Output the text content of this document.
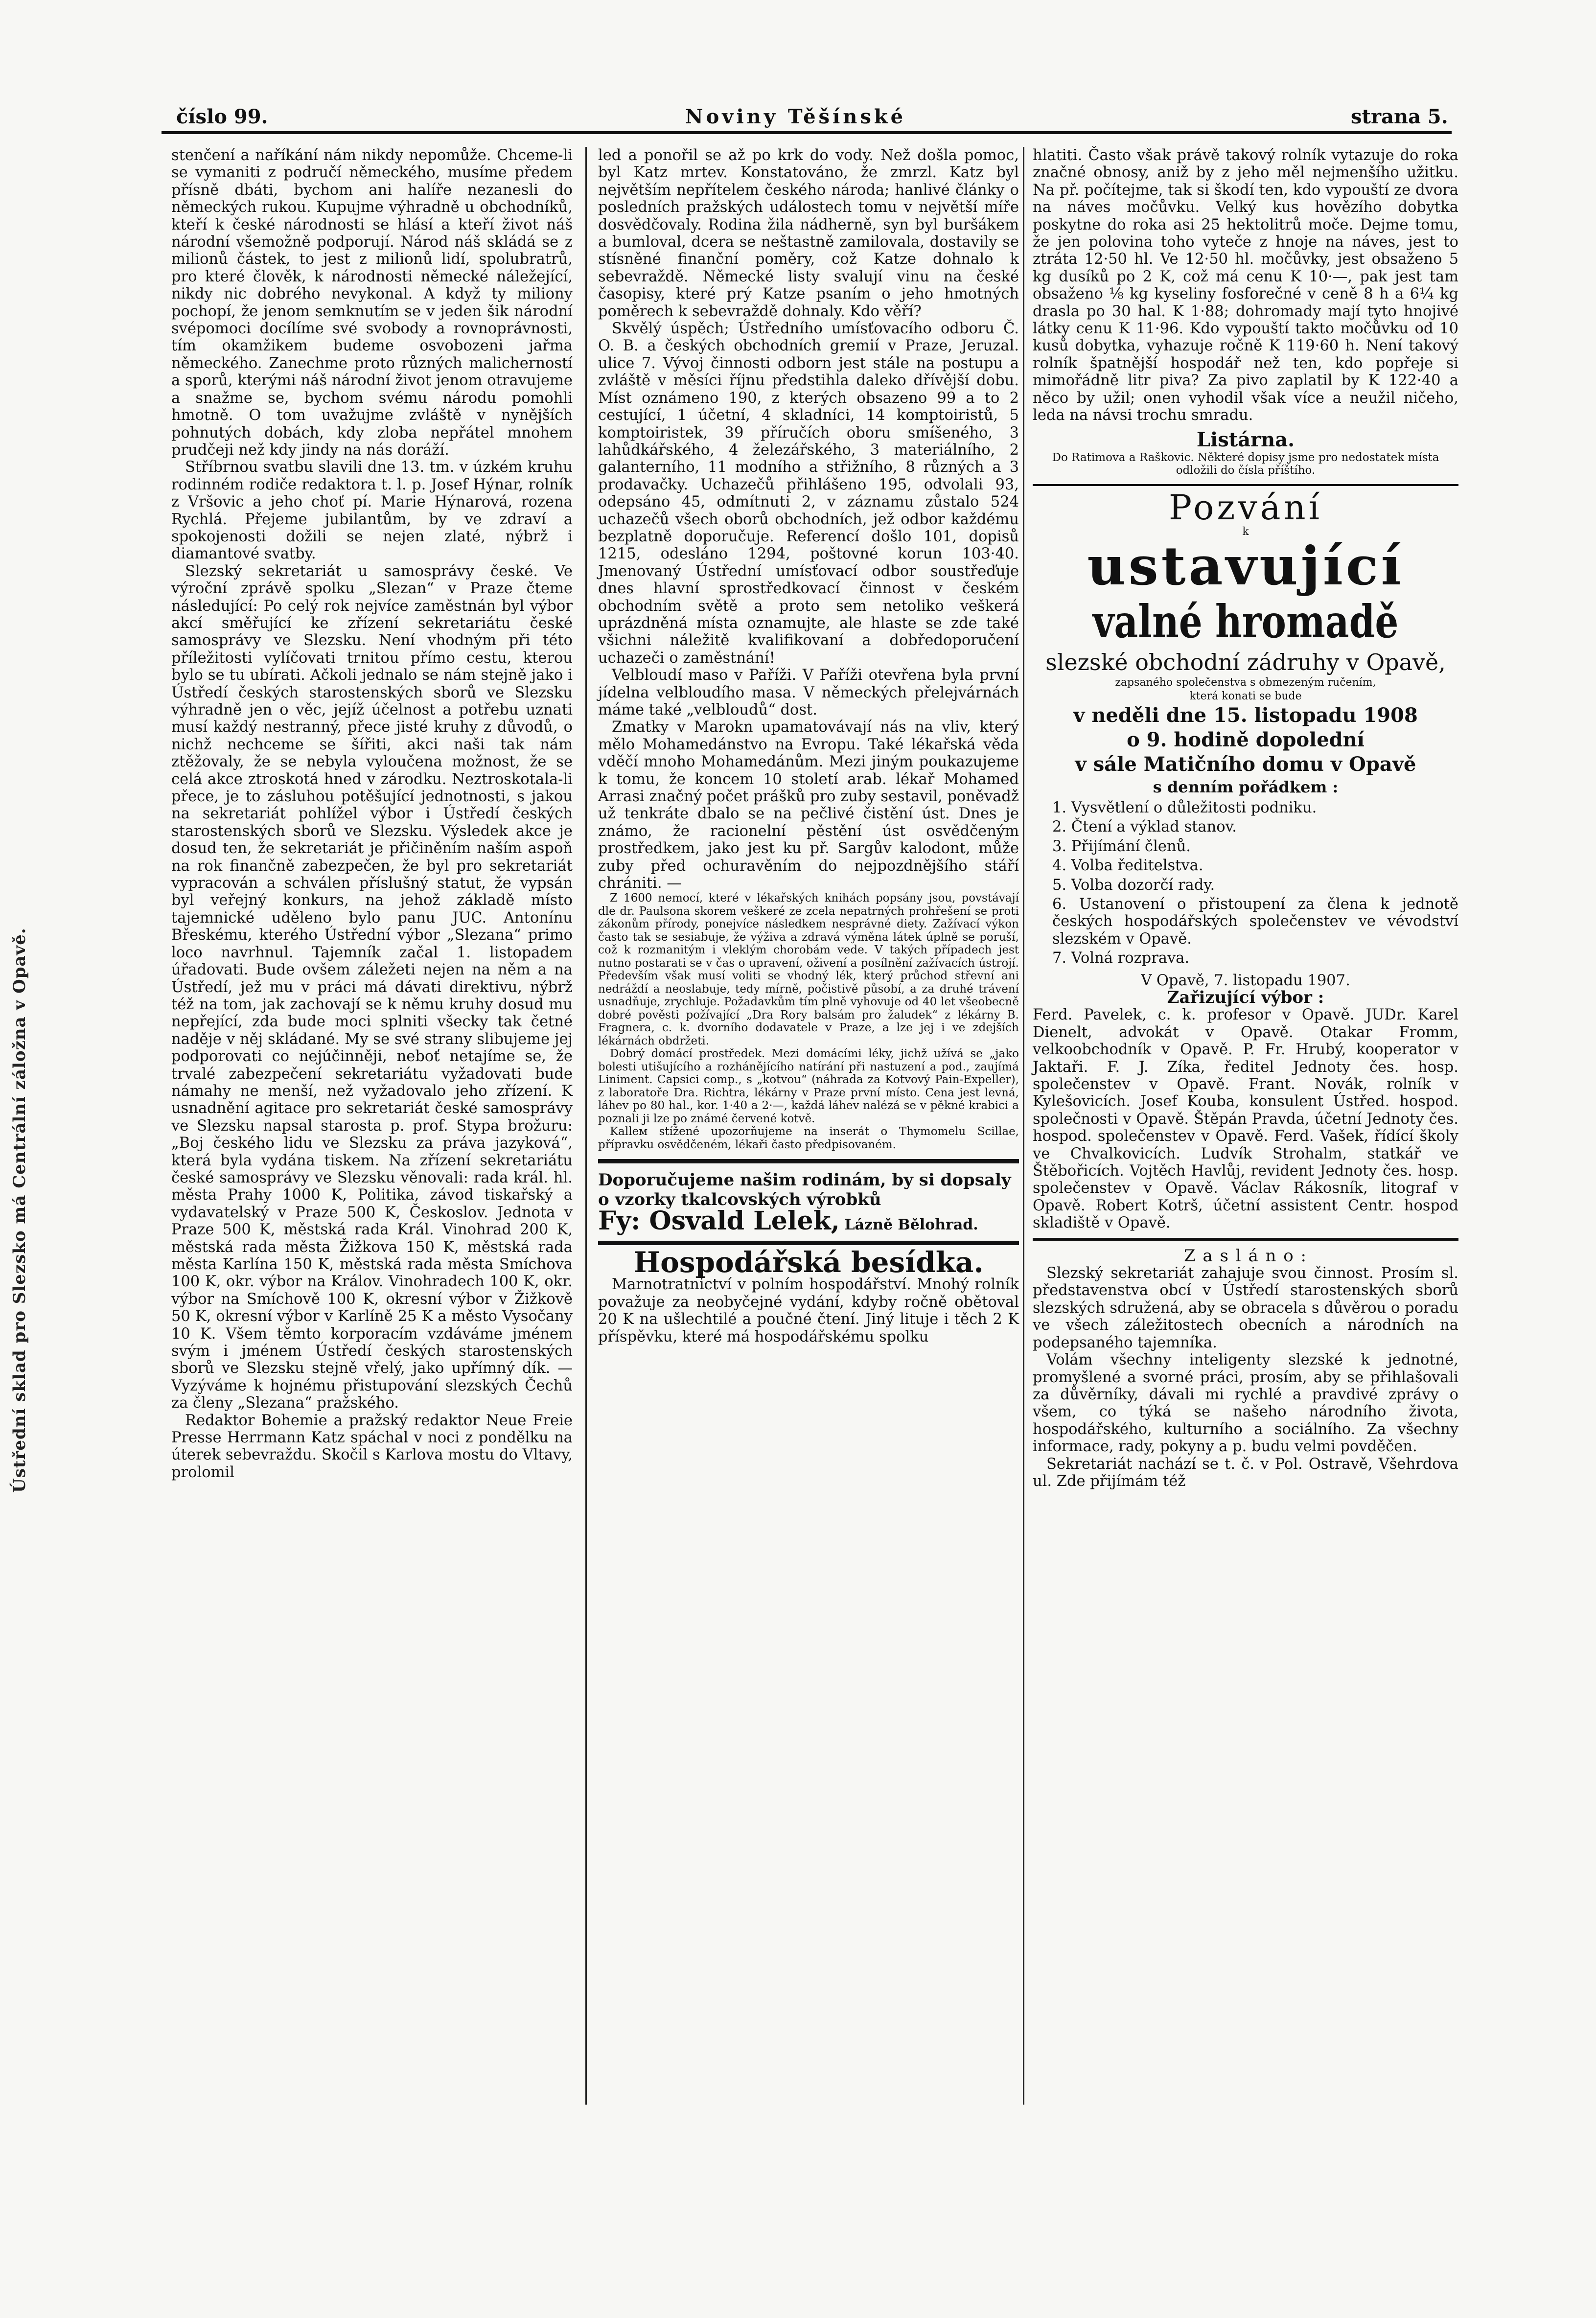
číslo 99.	Noviny Těšínské	strana 5.
Ústřední sklad pro Slezsko má Centrální záložna v Opavě.

stenčení a naříkání nám nikdy nepomůže. Chceme-li se vymaniti z područí německého, musíme předem přísně dbáti, bychom ani halíře nezanesli do německých rukou. Kupujme výhradně u obchodníků, kteří k české národnosti se hlásí a kteří život náš národní všemožně podporují. Národ náš skládá se z milionů částek, to jest z milionů lidí, spolubratrů, pro které člověk, k národnosti německé náležející, nikdy nic dobrého nevykonal. A když ty miliony pochopí, že jenom semknutím se v jeden šik národní svépomoci docílíme své svobody a rovnoprávnosti, tím okamžikem budeme osvobozeni jařma německého. Zanechme proto různých malicherností a sporů, kterými náš národní život jenom otravujeme a snažme se, bychom svému národu pomohli hmotně. O tom uvažujme zvláště v nynějších pohnutých dobách, kdy zloba nepřátel mnohem prudčeji než kdy jindy na nás doráží.

Stříbrnou svatbu slavili dne 13. tm. v úzkém kruhu rodinném rodiče redaktora t. l. p. Josef Hýnar, rolník z Vršovic a jeho choť pí. Marie Hýnarová, rozena Rychlá. Přejeme jubilantům, by ve zdraví a spokojenosti dožili se nejen zlaté, nýbrž i diamantové svatby.

Slezský sekretariát u samosprávy české. Ve výroční zprávě spolku „Slezan“ v Praze čteme následující: Po celý rok nejvíce zaměstnán byl výbor akcí směřující ke zřízení sekretariátu české samosprávy ve Slezsku. Není vhodným při této příležitosti vylíčovati trnitou přímo cestu, kterou bylo se tu ubírati. Ačkoli jednalo se nám stejně jako i Ústředí českých starostenských sborů ve Slezsku výhradně jen o věc, jejíž účelnost a potřebu uznati musí každý nestranný, přece jisté kruhy z důvodů, o nichž nechceme se šířiti, akci naši tak nám ztěžovaly, že se nebyla vyloučena možnost, že se celá akce ztroskotá hned v zárodku. Neztroskotala-li přece, je to zásluhou potěšující jednotnosti, s jakou na sekretariát pohlížel výbor i Ústředí českých starostenských sborů ve Slezsku. Výsledek akce je dosud ten, že sekretariát je přičiněním naším aspoň na rok finančně zabezpečen, že byl pro sekretariát vypracován a schválen příslušný statut, že vypsán byl veřejný konkurs, na jehož základě místo tajemnické uděleno bylo panu JUC. Antonínu Břeskému, kterého Ústřední výbor „Slezana“ primo loco navrhnul. Tajemník začal 1. listopadem úřadovati. Bude ovšem záležeti nejen na něm a na Ústředí, jež mu v práci má dávati direktivu, nýbrž též na tom, jak zachovají se k němu kruhy dosud mu nepřející, zda bude moci splniti všecky tak četné naděje v něj skládané. My se své strany slibujeme jej podporovati co nejúčinněji, neboť netajíme se, že trvalé zabezpečení sekretariátu vyžadovati bude námahy ne menší, než vyžadovalo jeho zřízení. K usnadnění agitace pro sekretariát české samosprávy ve Slezsku napsal starosta p. prof. Stypa brožuru: „Boj českého lidu ve Slezsku za práva jazyková“, která byla vydána tiskem. Na zřízení sekretariátu české samosprávy ve Slezsku věnovali: rada král. hl. města Prahy 1000 K, Politika, závod tiskařský a vydavatelský v Praze 500 K, Českoslov. Jednota v Praze 500 K, městská rada Král. Vinohrad 200 K, městská rada města Žižkova 150 K, městská rada města Karlína 150 K, městská rada města Smíchova 100 K, okr. výbor na Králov. Vinohradech 100 K, okr. výbor na Smíchově 100 K, okresní výbor v Žižkově 50 K, okresní výbor v Karlíně 25 K a město Vysočany 10 K. Všem těmto korporacím vzdáváme jménem svým i jménem Ústředí českých starostenských sborů ve Slezsku stejně vřelý, jako upřímný dík. — Vyzýváme k hojnému přistupování slezských Čechů za členy „Slezana“ pražského.

Redaktor Bohemie a pražský redaktor Neue Freie Presse Herrmann Katz spáchal v noci z pondělku na úterek sebevraždu. Skočil s Karlova mostu do Vltavy, prolomil

led a ponořil se až po krk do vody. Než došla pomoc, byl Katz mrtev. Konstatováno, že zmrzl. Katz byl největším nepřítelem českého národa; hanlivé články o posledních pražských událostech tomu v největší míře dosvědčovaly. Rodina žila nádherně, syn byl buršákem a bumloval, dcera se neštastně zamilovala, dostavily se stísněné finanční poměry, což Katze dohnalo k sebevraždě. Německé listy svalují vinu na české časopisy, které prý Katze psaním o jeho hmotných poměrech k sebevraždě dohnaly. Kdo věří?

Skvělý úspěch; Ústředního umísťovacího odboru Č. O. B. a českých obchodních gremií v Praze, Jeruzal. ulice 7. Vývoj činnosti odborn jest stále na postupu a zvláště v měsíci říjnu předstihla daleko dřívější dobu. Míst oznámeno 190, z kterých obsazeno 99 a to 2 cestující, 1 účetní, 4 skladníci, 14 komptoiristů, 5 komptoiristek, 39 příručích oboru smíšeného, 3 lahůdkářského, 4 železářského, 3 materiálního, 2 galanterního, 11 modního a střižního, 8 různých a 3 prodavačky. Uchazečů přihlášeno 195, odvolali 93, odepsáno 45, odmítnuti 2, v záznamu zůstalo 524 uchazečů všech oborů obchodních, jež odbor každému bezplatně doporučuje. Referencí došlo 101, dopisů 1215, odesláno 1294, poštovné korun 103·40. Jmenovaný Ústřední umísťovací odbor soustřeďuje dnes hlavní sprostředkovací činnost v českém obchodním světě a proto sem netoliko veškerá uprázdněná místa oznamujte, ale hlaste se zde také všichni náležitě kvalifikovaní a dobředoporučení uchazeči o zaměstnání!

Velbloudí maso v Paříži. V Paříži otevřena byla první jídelna velbloudího masa. V německých přelejvárnách máme také „velbloudů“ dost.

Zmatky v Marokn upamatovávají nás na vliv, který mělo Mohamedánstvo na Evropu. Také lékařská věda vděčí mnoho Mohamedánům. Mezi jiným poukazujeme k tomu, že koncem 10 století arab. lékař Mohamed Arrasi značný počet prášků pro zuby sestavil, poněvadž už tenkráte dbalo se na pečlivé čistění úst. Dnes je známo, že racionelní pěstění úst osvědčeným prostředkem, jako jest ku př. Sargův kalodont, může zuby před ochuravěním do nejpozdnějšího stáří chrániti. —

Z 1600 nemocí, které v lékařských knihách popsány jsou, povstávají dle dr. Paulsona skorem veškeré ze zcela nepatrných prohřešení se proti zákonům přírody, ponejvíce následkem nesprávné diety. Zažívací výkon často tak se sesiabuje, že výživa a zdravá výměna látek úplně se poruší, což k rozmanitým i vleklým chorobám vede. V takých případech jest nutno postarati se v čas o upravení, oživení a posílnění zažívacích ústrojí. Především však musí voliti se vhodný lék, který průchod střevní ani nedráždí a neoslabuje, tedy mírně, počistivě působí, a za druhé trávení usnadňuje, zrychluje. Požadavkům tím plně vyhovuje od 40 let všeobecně dobré pověsti požívající „Dra Rory balsám pro žaludek“ z lékárny B. Fragnera, c. k. dvorního dodavatele v Praze, a lze jej i ve zdejších lékárnách obdržeti.

Dobrý domácí prostředek. Mezi domácími léky, jichž užívá se „jako bolesti utišujícího a rozhánějícího natírání při nastuzení a pod., zaujímá Liniment. Capsici comp., s „kotvou“ (náhrada za Kotvový Pain-Expeller), z laboratoře Dra. Richtra, lékárny v Praze první místo. Cena jest levná, láhev po 80 hal., kor. 1·40 a 2·—, každá láhev nalézá se v pěkné krabici a poznali ji lze po známé červené kotvě.

Kalleм stížené upozorňujeme na inserát o Thymomelu Scillae, přípravku osvědčeném, lékaři často předpisovaném.

Doporučujeme našim rodinám, by si dopsaly o vzorky tkalcovských výrobků
Fy: Osvald Lelek, Lázně Bělohrad.
Hospodářská besídka.

Marnotratnictví v polním hospodářství. Mnohý rolník považuje za neobyčejné vydání, kdyby ročně obětoval 20 K na ušlechtilé a poučné čtení. Jiný lituje i těch 2 K příspěvku, které má hospodářskému spolku

hlatiti. Často však právě takový rolník vytazuje do roka značné obnosy, aniž by z jeho měl nejmenšího užitku. Na př. počítejme, tak si škodí ten, kdo vypouští ze dvora na náves močůvku. Velký kus hovězího dobytka poskytne do roka asi 25 hektolitrů moče. Dejme tomu, že jen polovina toho vyteče z hnoje na náves, jest to ztráta 12·50 hl. Ve 12·50 hl. močůvky, jest obsaženo 5 kg dusíků po 2 K, což má cenu K 10·—, pak jest tam obsaženo ⅛ kg kyseliny fosforečné v ceně 8 h a 6¼ kg drasla po 30 hal. K 1·88; dohromady mají tyto hnojivé látky cenu K 11·96. Kdo vypouští takto močůvku od 10 kusů dobytka, vyhazuje ročně K 119·60 h. Není takový rolník špatnější hospodář než ten, kdo popřeje si mimořádně litr piva? Za pivo zaplatil by K 122·40 a něco by užil; onen vyhodil však více a neužil ničeho, leda na návsi trochu smradu.

Listárna.
Do Ratimova a Raškovic. Některé dopisy jsme pro nedostatek místa odložili do čísla příštího.
Pozvání
k
ustavující
valné hromadě
slezské obchodní zádruhy v Opavě,
zapsaného společenstva s obmezeným ručením,
která konati se bude
v neděli dne 15. listopadu 1908
o 9. hodině dopolední
v sále Matičního domu v Opavě
s denním pořádkem :
1. Vysvětlení o důležitosti podniku.
2. Čtení a výklad stanov.
3. Přijímání členů.
4. Volba ředitelstva.
5. Volba dozorčí rady.
6. Ustanovení o přistoupení za člena k jednotě českých hospodářských společenstev ve vévodství slezském v Opavě.
7. Volná rozprava.
V Opavě, 7. listopadu 1907.
Zařizující výbor :

Ferd. Pavelek, c. k. profesor v Opavě. JUDr. Karel Dienelt, advokát v Opavě. Otakar Fromm, velkoobchodník v Opavě. P. Fr. Hrubý, kooperator v Jaktaři. F. J. Zíka, ředitel Jednoty čes. hosp. společenstev v Opavě. Frant. Novák, rolník v Kylešovicích. Josef Kouba, konsulent Ústřed. hospod. společnosti v Opavě. Štěpán Pravda, účetní Jednoty čes. hospod. společenstev v Opavě. Ferd. Vašek, řídící školy ve Chvalkovicích. Ludvík Strohalm, statkář ve Štěbořicích. Vojtěch Havlůj, revident Jednoty čes. hosp. společenstev v Opavě. Václav Rákosník, litograf v Opavě. Robert Kotrš, účetní assistent Centr. hospod skladiště v Opavě.

Z a s l á n o :

Slezský sekretariát zahajuje svou činnost. Prosím sl. představenstva obcí v Ústředí starostenských sborů slezských sdružená, aby se obracela s důvěrou o poradu ve všech záležitostech obecních a národních na podepsaného tajemníka.

Volám všechny inteligenty slezské k jednotné, promyšlené a svorné práci, prosím, aby se přihlašovali za důvěrníky, dávali mi rychlé a pravdivé zprávy o všem, co týká se našeho národního života, hospodářského, kulturního a sociálního. Za všechny informace, rady, pokyny a p. budu velmi povděčen.

Sekretariát nachází se t. č. v Pol. Ostravě, Všehrdova ul. Zde přijímám též
